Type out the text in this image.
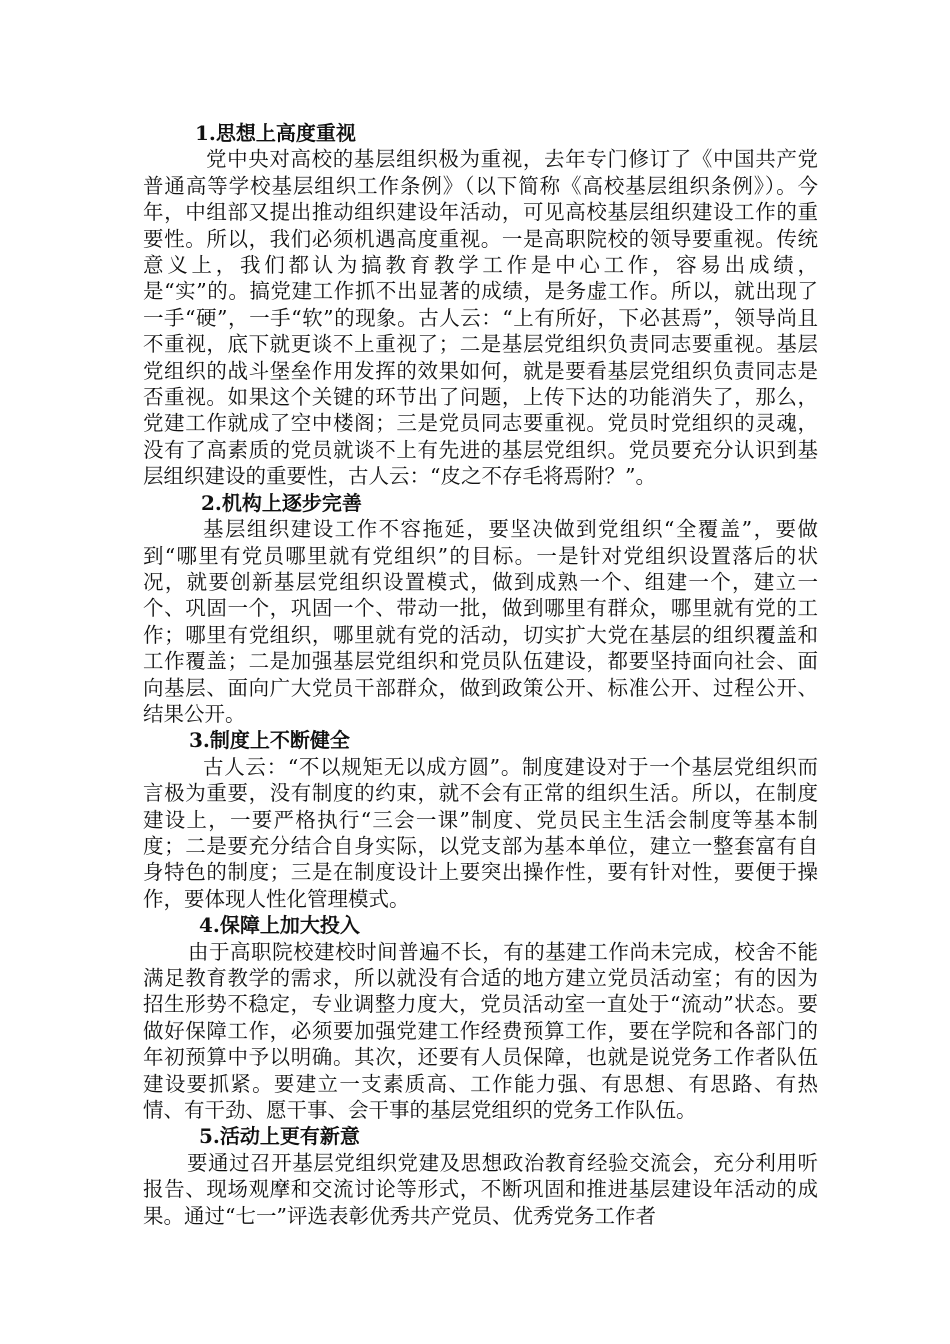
1.思想上高度重视

党中央对高校的基层组织极为重视，去年专门修订了《中国共产党普通高等学校基层组织工作条例》（以下简称《高校基层组织条例》）。今年，中组部又提出推动组织建设年活动，可见高校基层组织建设工作的重要性。所以，我们必须机遇高度重视。一是高职院校的领导要重视。传统意义上，我们都认为搞教育教学工作是中心工作，容易出成绩，是“实”的。搞党建工作抓不出显著的成绩，是务虚工作。所以，就出现了一手“硬”，一手“软”的现象。古人云：“上有所好，下必甚焉”，领导尚且不重视，底下就更谈不上重视了；二是基层党组织负责同志要重视。基层党组织的战斗堡垒作用发挥的效果如何，就是要看基层党组织负责同志是否重视。如果这个关键的环节出了问题，上传下达的功能消失了，那么，党建工作就成了空中楼阁；三是党员同志要重视。党员时党组织的灵魂，没有了高素质的党员就谈不上有先进的基层党组织。党员要充分认识到基层组织建设的重要性，古人云：“皮之不存毛将焉附？”。

2.机构上逐步完善

基层组织建设工作不容拖延，要坚决做到党组织“全覆盖”，要做到“哪里有党员哪里就有党组织”的目标。一是针对党组织设置落后的状况，就要创新基层党组织设置模式，做到成熟一个、组建一个，建立一个、巩固一个，巩固一个、带动一批，做到哪里有群众，哪里就有党的工作；哪里有党组织，哪里就有党的活动，切实扩大党在基层的组织覆盖和工作覆盖；二是加强基层党组织和党员队伍建设，都要坚持面向社会、面向基层、面向广大党员干部群众，做到政策公开、标准公开、过程公开、结果公开。

3.制度上不断健全

古人云：“不以规矩无以成方圆”。制度建设对于一个基层党组织而言极为重要，没有制度的约束，就不会有正常的组织生活。所以，在制度建设上，一要严格执行“三会一课”制度、党员民主生活会制度等基本制度；二是要充分结合自身实际，以党支部为基本单位，建立一整套富有自身特色的制度；三是在制度设计上要突出操作性，要有针对性，要便于操作，要体现人性化管理模式。

4.保障上加大投入

由于高职院校建校时间普遍不长，有的基建工作尚未完成，校舍不能满足教育教学的需求，所以就没有合适的地方建立党员活动室；有的因为招生形势不稳定，专业调整力度大，党员活动室一直处于“流动”状态。要做好保障工作，必须要加强党建工作经费预算工作，要在学院和各部门的年初预算中予以明确。其次，还要有人员保障，也就是说党务工作者队伍建设要抓紧。要建立一支素质高、工作能力强、有思想、有思路、有热情、有干劲、愿干事、会干事的基层党组织的党务工作队伍。

5.活动上更有新意

要通过召开基层党组织党建及思想政治教育经验交流会，充分利用听报告、现场观摩和交流讨论等形式，不断巩固和推进基层建设年活动的成果。通过“七一”评选表彰优秀共产党员、优秀党务工作者
